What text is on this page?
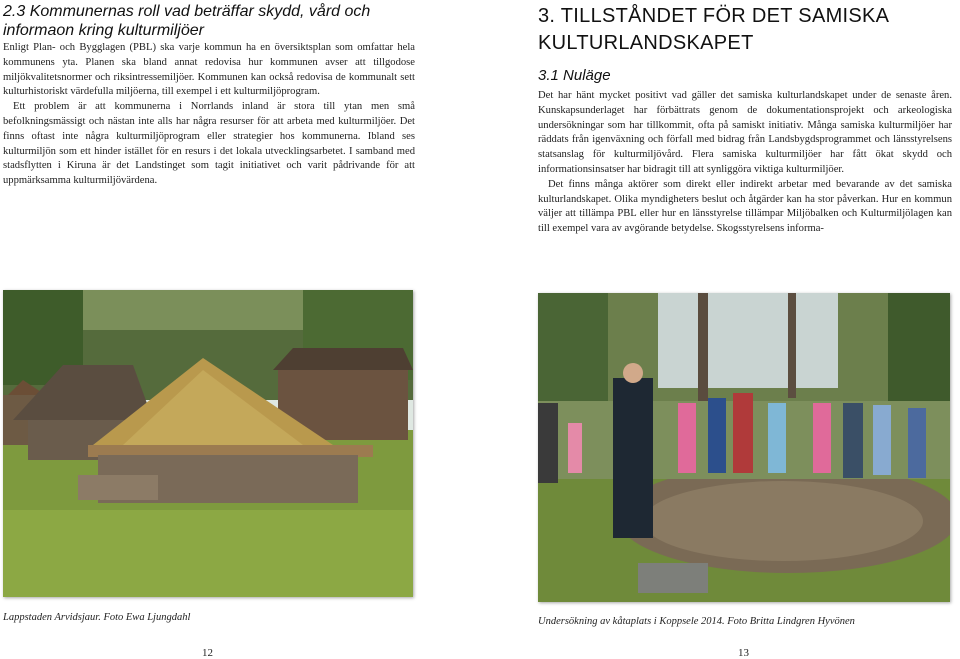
2.3 Kommunernas roll vad beträffar skydd, vård och informaon kring kulturmiljöer

Enligt Plan- och Bygglagen (PBL) ska varje kommun ha en översiktsplan som omfattar hela kommunens yta. Planen ska bland annat redovisa hur kommunen avser att tillgodose miljökvalitetsnormer och riksintressemiljöer. Kommunen kan också redovisa de kommunalt sett kulturhistoriskt värdefulla miljöerna, till exempel i ett kulturmiljöprogram.

Ett problem är att kommunerna i Norrlands inland är stora till ytan men små befolkningsmässigt och nästan inte alls har några resurser för att arbeta med kulturmiljöer. Det finns oftast inte några kulturmiljöprogram eller strategier hos kommunerna. Ibland ses kulturmiljön som ett hinder istället för en resurs i det lokala utvecklingsarbetet. I samband med stadsflytten i Kiruna är det Landstinget som tagit initiativet och varit pådrivande för att uppmärksamma kulturmiljövärdena.

Lappstaden Arvidsjaur. Foto Ewa Ljungdahl

12
3. TILLSTÅNDET FÖR DET SAMISKA KULTURLANDSKAPET
3.1 Nuläge

Det har hänt mycket positivt vad gäller det samiska kulturlandskapet under de senaste åren. Kunskapsunderlaget har förbättrats genom de dokumentationsprojekt och arkeologiska undersökningar som har tillkommit, ofta på samiskt initiativ. Många samiska kulturmiljöer har räddats från igenväxning och förfall med bidrag från Landsbygdsprogrammet och länsstyrelsens statsanslag för kulturmiljövård. Flera samiska kulturmiljöer har fått ökat skydd och informationsinsatser har bidragit till att synliggöra viktiga kulturmiljöer.

Det finns många aktörer som direkt eller indirekt arbetar med bevarande av det samiska kulturlandskapet. Olika myndigheters beslut och åtgärder kan ha stor påverkan. Hur en kommun väljer att tillämpa PBL eller hur en länsstyrelse tillämpar Miljöbalken och Kulturmiljölagen kan till exempel vara av avgörande betydelse. Skogsstyrelsens informa-

Undersökning av kåtaplats i Koppsele 2014. Foto Britta Lindgren Hyvönen

13
